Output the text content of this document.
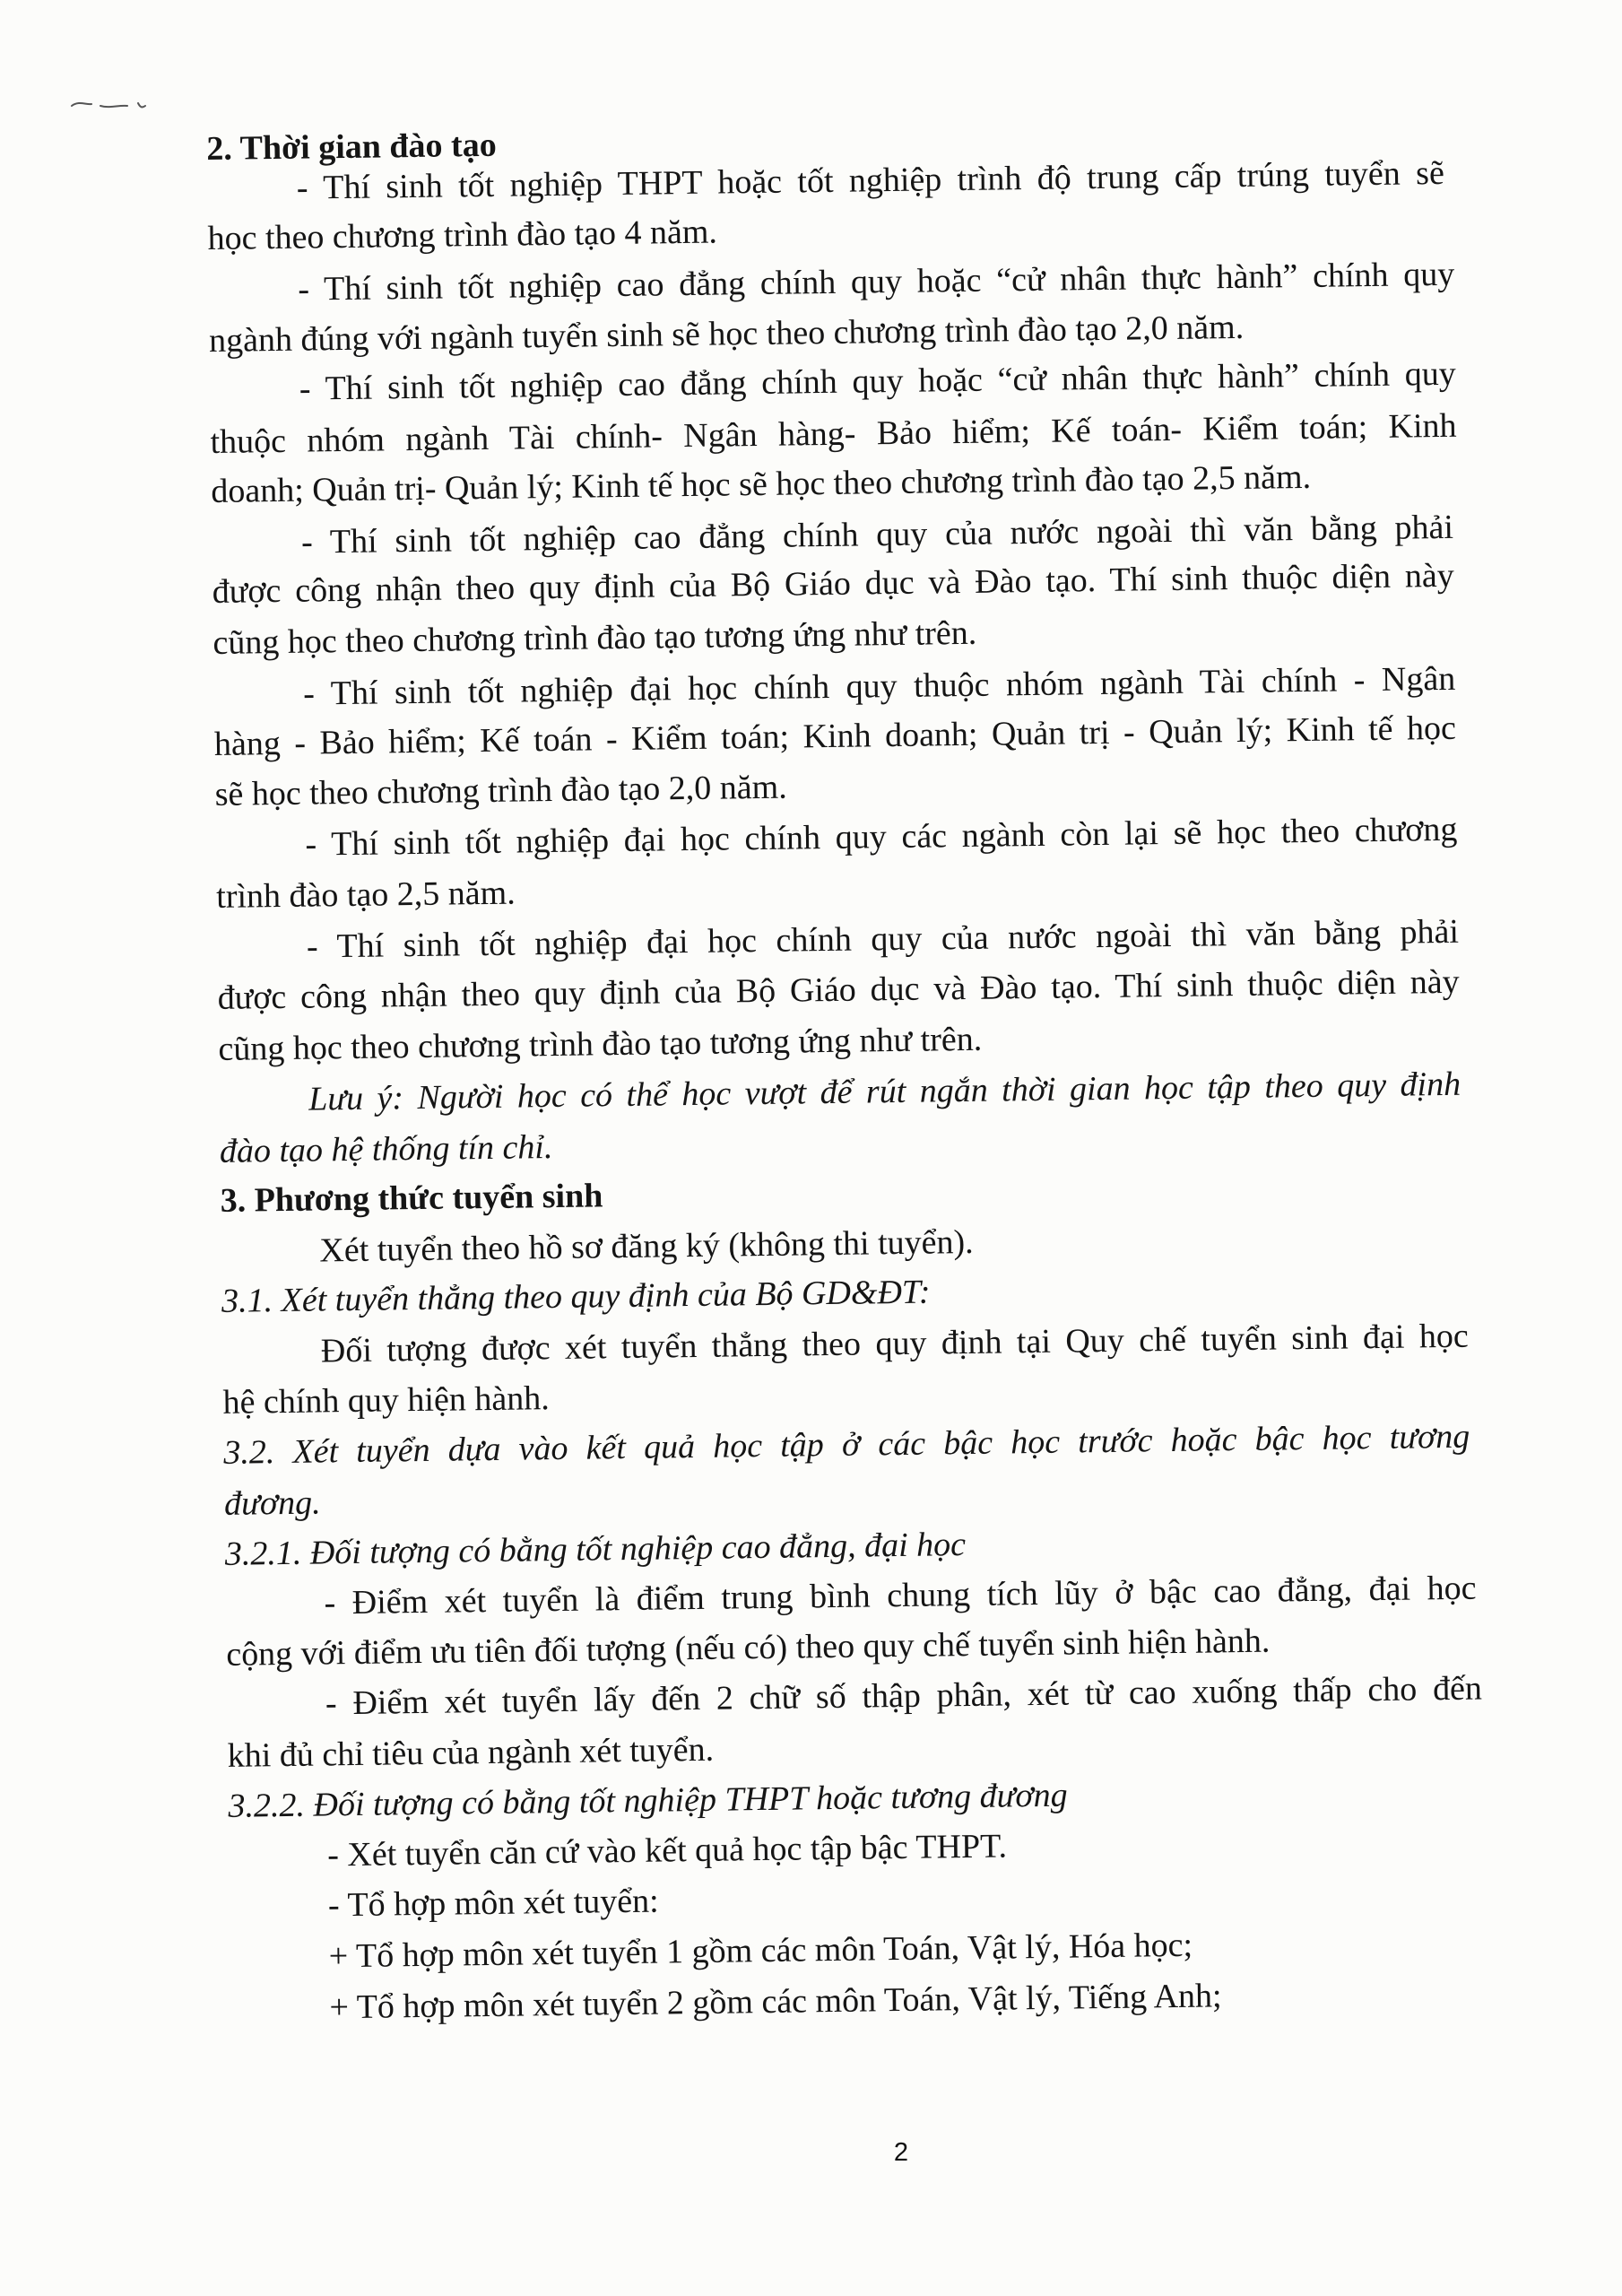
2. Thời gian đào tạo
- Thí sinh tốt nghiệp THPT hoặc tốt nghiệp trình độ trung cấp trúng tuyển sẽ
học theo chương trình đào tạo 4 năm.
- Thí sinh tốt nghiệp cao đẳng chính quy hoặc “cử nhân thực hành” chính quy
ngành đúng với ngành tuyển sinh sẽ học theo chương trình đào tạo 2,0 năm.
- Thí sinh tốt nghiệp cao đẳng chính quy hoặc “cử nhân thực hành” chính quy
thuộc nhóm ngành Tài chính- Ngân hàng- Bảo hiểm; Kế toán- Kiểm toán; Kinh
doanh; Quản trị- Quản lý; Kinh tế học sẽ học theo chương trình đào tạo 2,5 năm.
- Thí sinh tốt nghiệp cao đẳng chính quy của nước ngoài thì văn bằng phải
được công nhận theo quy định của Bộ Giáo dục và Đào tạo. Thí sinh thuộc diện này
cũng học theo chương trình đào tạo tương ứng như trên.
- Thí sinh tốt nghiệp đại học chính quy thuộc nhóm ngành Tài chính - Ngân
hàng - Bảo hiểm; Kế toán - Kiểm toán; Kinh doanh; Quản trị - Quản lý; Kinh tế học
sẽ học theo chương trình đào tạo 2,0 năm.
- Thí sinh tốt nghiệp đại học chính quy các ngành còn lại sẽ học theo chương
trình đào tạo 2,5 năm.
- Thí sinh tốt nghiệp đại học chính quy của nước ngoài thì văn bằng phải
được công nhận theo quy định của Bộ Giáo dục và Đào tạo. Thí sinh thuộc diện này
cũng học theo chương trình đào tạo tương ứng như trên.
Lưu ý: Người học có thể học vượt để rút ngắn thời gian học tập theo quy định
đào tạo hệ thống tín chỉ.
3. Phương thức tuyển sinh
Xét tuyển theo hồ sơ đăng ký (không thi tuyển).
3.1. Xét tuyển thẳng theo quy định của Bộ GD&ĐT:
Đối tượng được xét tuyển thẳng theo quy định tại Quy chế tuyển sinh đại học
hệ chính quy hiện hành.
3.2. Xét tuyển dựa vào kết quả học tập ở các bậc học trước hoặc bậc học tương
đương.
3.2.1. Đối tượng có bằng tốt nghiệp cao đẳng, đại học
- Điểm xét tuyển là điểm trung bình chung tích lũy ở bậc cao đẳng, đại học
cộng với điểm ưu tiên đối tượng (nếu có) theo quy chế tuyển sinh hiện hành.
- Điểm xét tuyển lấy đến 2 chữ số thập phân, xét từ cao xuống thấp cho đến
khi đủ chỉ tiêu của ngành xét tuyển.
3.2.2. Đối tượng có bằng tốt nghiệp THPT hoặc tương đương
- Xét tuyển căn cứ vào kết quả học tập bậc THPT.
- Tổ hợp môn xét tuyển:
+ Tổ hợp môn xét tuyển 1 gồm các môn Toán, Vật lý, Hóa học;
+ Tổ hợp môn xét tuyển 2 gồm các môn Toán, Vật lý, Tiếng Anh;
2
